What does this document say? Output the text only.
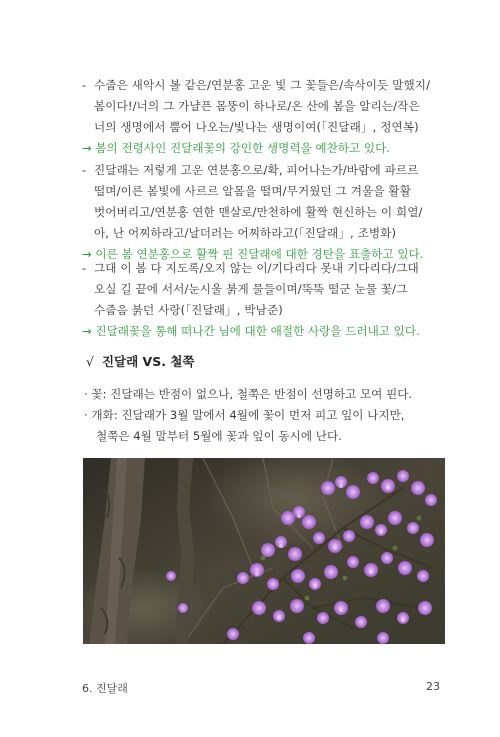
- 수줍은 새악시 볼 같은/연분홍 고운 빛 그 꽃들은/속삭이듯 말했지/
봄이다!/너의 그 가냘픈 몸뚱이 하나로/온 산에 봄을 알리는/작은
너의 생명에서 뿜어 나오는/빛나는 생명이여(「진달래」, 정연복)
→ 봄의 전령사인 진달래꽃의 강인한 생명력을 예찬하고 있다.
- 진달래는 저렇게 고운 연분홍으로/확, 피어나는가/바람에 파르르
떨며/이른 봄빛에 사르르 알몸을 떨며/무거웠던 그 겨울을 활활
벗어버리고/연분홍 연한 맨살로/만천하에 활짝 현신하는 이 희열/
아, 난 어찌하라고/날더러는 어찌하라고(「진달래」, 조병화)
→ 이른 봄 연분홍으로 활짝 핀 진달래에 대한 경탄을 표출하고 있다.
- 그대 이 봄 다 지도록/오지 않는 이/기다리다 못내 기다리다/그대
오실 길 끝에 서서/눈시울 붉게 물들이며/뚝뚝 떨군 눈물 꽃/그
수줍음 붉던 사랑(「진달래」, 박남준)
→ 진달래꽃을 통해 떠나간 님에 대한 애절한 사랑을 드러내고 있다.
√ 진달래 VS. 철쭉
· 꽃: 진달래는 반점이 없으나, 철쭉은 반점이 선명하고 모여 핀다.
· 개화: 진달래가 3월 말에서 4월에 꽃이 먼저 피고 잎이 나지만,
철쭉은 4월 말부터 5월에 꽃과 잎이 동시에 난다.
6. 진달래	23
